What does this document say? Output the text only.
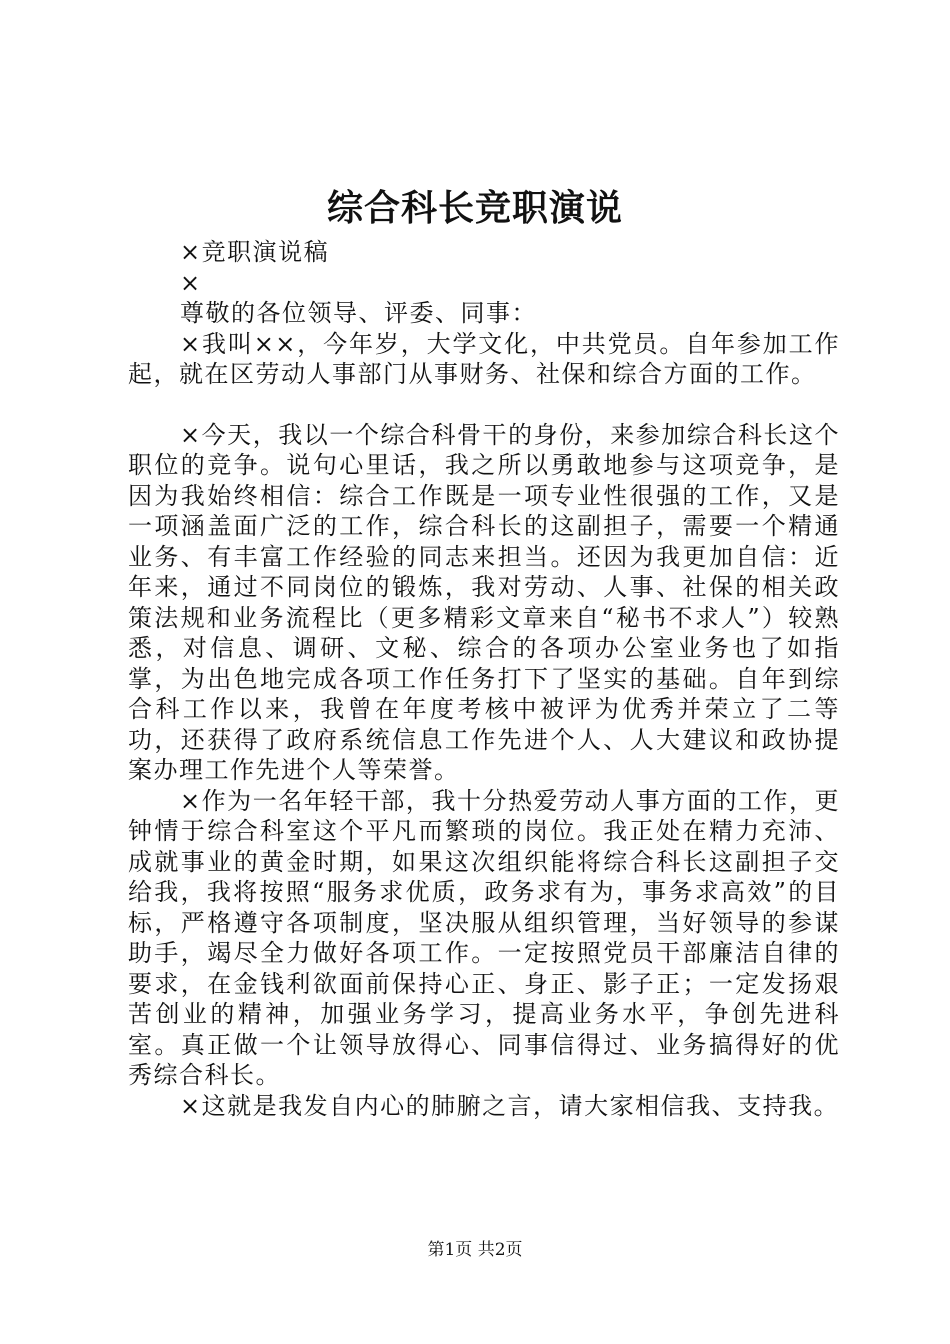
综合科长竞职演说

×竞职演说稿

×

尊敬的各位领导、评委、同事：

×我叫××，今年岁，大学文化，中共党员。自年参加工作起，就在区劳动人事部门从事财务、社保和综合方面的工作。

×今天，我以一个综合科骨干的身份，来参加综合科长这个职位的竞争。说句心里话，我之所以勇敢地参与这项竞争，是因为我始终相信：综合工作既是一项专业性很强的工作，又是一项涵盖面广泛的工作，综合科长的这副担子，需要一个精通业务、有丰富工作经验的同志来担当。还因为我更加自信：近年来，通过不同岗位的锻炼，我对劳动、人事、社保的相关政策法规和业务流程比（更多精彩文章来自“秘书不求人”）较熟悉，对信息、调研、文秘、综合的各项办公室业务也了如指掌，为出色地完成各项工作任务打下了坚实的基础。自年到综合科工作以来，我曾在年度考核中被评为优秀并荣立了二等功，还获得了政府系统信息工作先进个人、人大建议和政协提案办理工作先进个人等荣誉。

×作为一名年轻干部，我十分热爱劳动人事方面的工作，更钟情于综合科室这个平凡而繁琐的岗位。我正处在精力充沛、成就事业的黄金时期，如果这次组织能将综合科长这副担子交给我，我将按照“服务求优质，政务求有为，事务求高效”的目标，严格遵守各项制度，坚决服从组织管理，当好领导的参谋助手，竭尽全力做好各项工作。一定按照党员干部廉洁自律的要求，在金钱利欲面前保持心正、身正、影子正；一定发扬艰苦创业的精神，加强业务学习，提高业务水平，争创先进科室。真正做一个让领导放得心、同事信得过、业务搞得好的优秀综合科长。

×这就是我发自内心的肺腑之言，请大家相信我、支持我。

第1页 共2页
